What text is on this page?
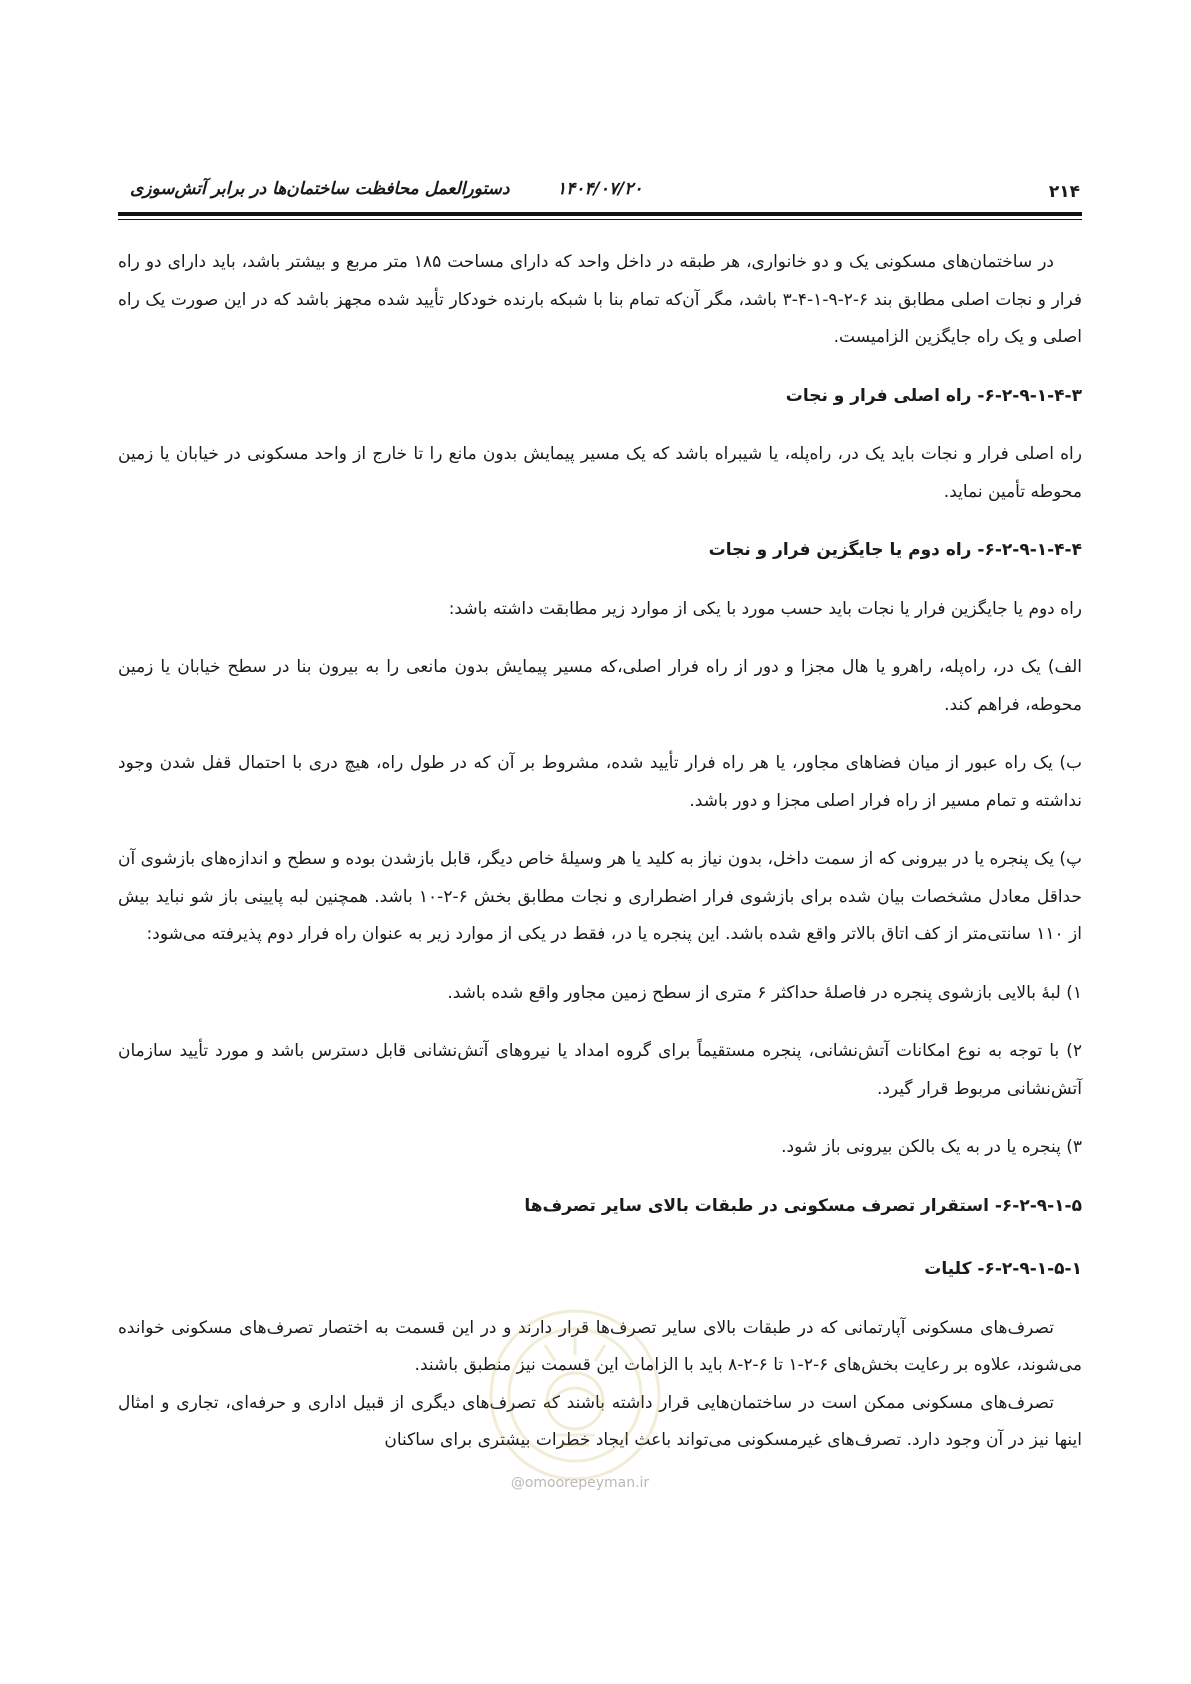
۲۱۴
۱۴۰۴/۰۷/۲۰
دستورالعمل محافظت ساختمان‌ها در برابر آتش‌سوزی

در ساختمان‌های مسکونی یک و دو خانواری، هر طبقه در داخل واحد که دارای مساحت ۱۸۵ متر مربع و بیشتر باشد، باید دارای دو راه فرار و نجات اصلی مطابق بند ۶-۲-۹-۱-۴-۳ باشد، مگر آن‌که تمام بنا با شبکه بارنده خودکار تأیید شده مجهز باشد که در این صورت یک راه اصلی و یک راه جایگزین الزامیست.

۶-۲-۹-۱-۴-۳- راه اصلی فرار و نجات

راه اصلی فرار و نجات باید یک در، راه‌پله، یا شیبراه باشد که یک مسیر پیمایش بدون مانع را تا خارج از واحد مسکونی در خیابان یا زمین محوطه تأمین نماید.

۶-۲-۹-۱-۴-۴- راه دوم یا جایگزین فرار و نجات

راه دوم یا جایگزین فرار یا نجات باید حسب مورد با یکی از موارد زیر مطابقت داشته باشد:

الف) یک در، راه‌پله، راهرو یا هال مجزا و دور از راه فرار اصلی،که مسیر پیمایش بدون مانعی را به بیرون بنا در سطح خیابان یا زمین محوطه، فراهم کند.

ب) یک راه عبور از میان فضاهای مجاور، یا هر راه فرار تأیید شده، مشروط بر آن که در طول راه، هیچ دری با احتمال قفل شدن وجود نداشته و تمام مسیر از راه فرار اصلی مجزا و دور باشد.

پ) یک پنجره یا در بیرونی که از سمت داخل، بدون نیاز به کلید یا هر وسیلهٔ خاص دیگر، قابل بازشدن بوده و سطح و اندازه‌های بازشوی آن حداقل معادل مشخصات بیان شده برای بازشوی فرار اضطراری و نجات مطابق بخش ۶-۲-۱۰ باشد. همچنین لبه پایینی باز شو نباید بیش از ۱۱۰ سانتی‌متر از کف اتاق بالاتر واقع شده باشد. این پنجره یا در، فقط در یکی از موارد زیر به عنوان راه فرار دوم پذیرفته می‌شود:

۱) لبهٔ بالایی بازشوی پنجره در فاصلهٔ حداکثر ۶ متری از سطح زمین مجاور واقع شده باشد.

۲) با توجه به نوع امکانات آتش‌نشانی، پنجره مستقیماً برای گروه امداد یا نیروهای آتش‌نشانی قابل دسترس باشد و مورد تأیید سازمان آتش‌نشانی مربوط قرار گیرد.

۳) پنجره یا در به یک بالکن بیرونی باز شود.

۶-۲-۹-۱-۵- استقرار تصرف مسکونی در طبقات بالای سایر تصرف‌ها
۶-۲-۹-۱-۵-۱- کلیات

تصرف‌های مسکونی آپارتمانی که در طبقات بالای سایر تصرف‌ها قرار دارند و در این قسمت به اختصار تصرف‌های مسکونی خوانده می‌شوند، علاوه بر رعایت بخش‌های ۶-۲-۱ تا ۶-۲-۸ باید با الزامات این قسمت نیز منطبق باشند.

تصرف‌های مسکونی ممکن است در ساختمان‌هایی قرار داشته باشند که تصرف‌های دیگری از قبیل اداری و حرفه‌ای، تجاری و امثال اینها نیز در آن وجود دارد. تصرف‌های غیرمسکونی می‌تواند باعث ایجاد خطرات بیشتری برای ساکنان

@omoorepeyman.ir
